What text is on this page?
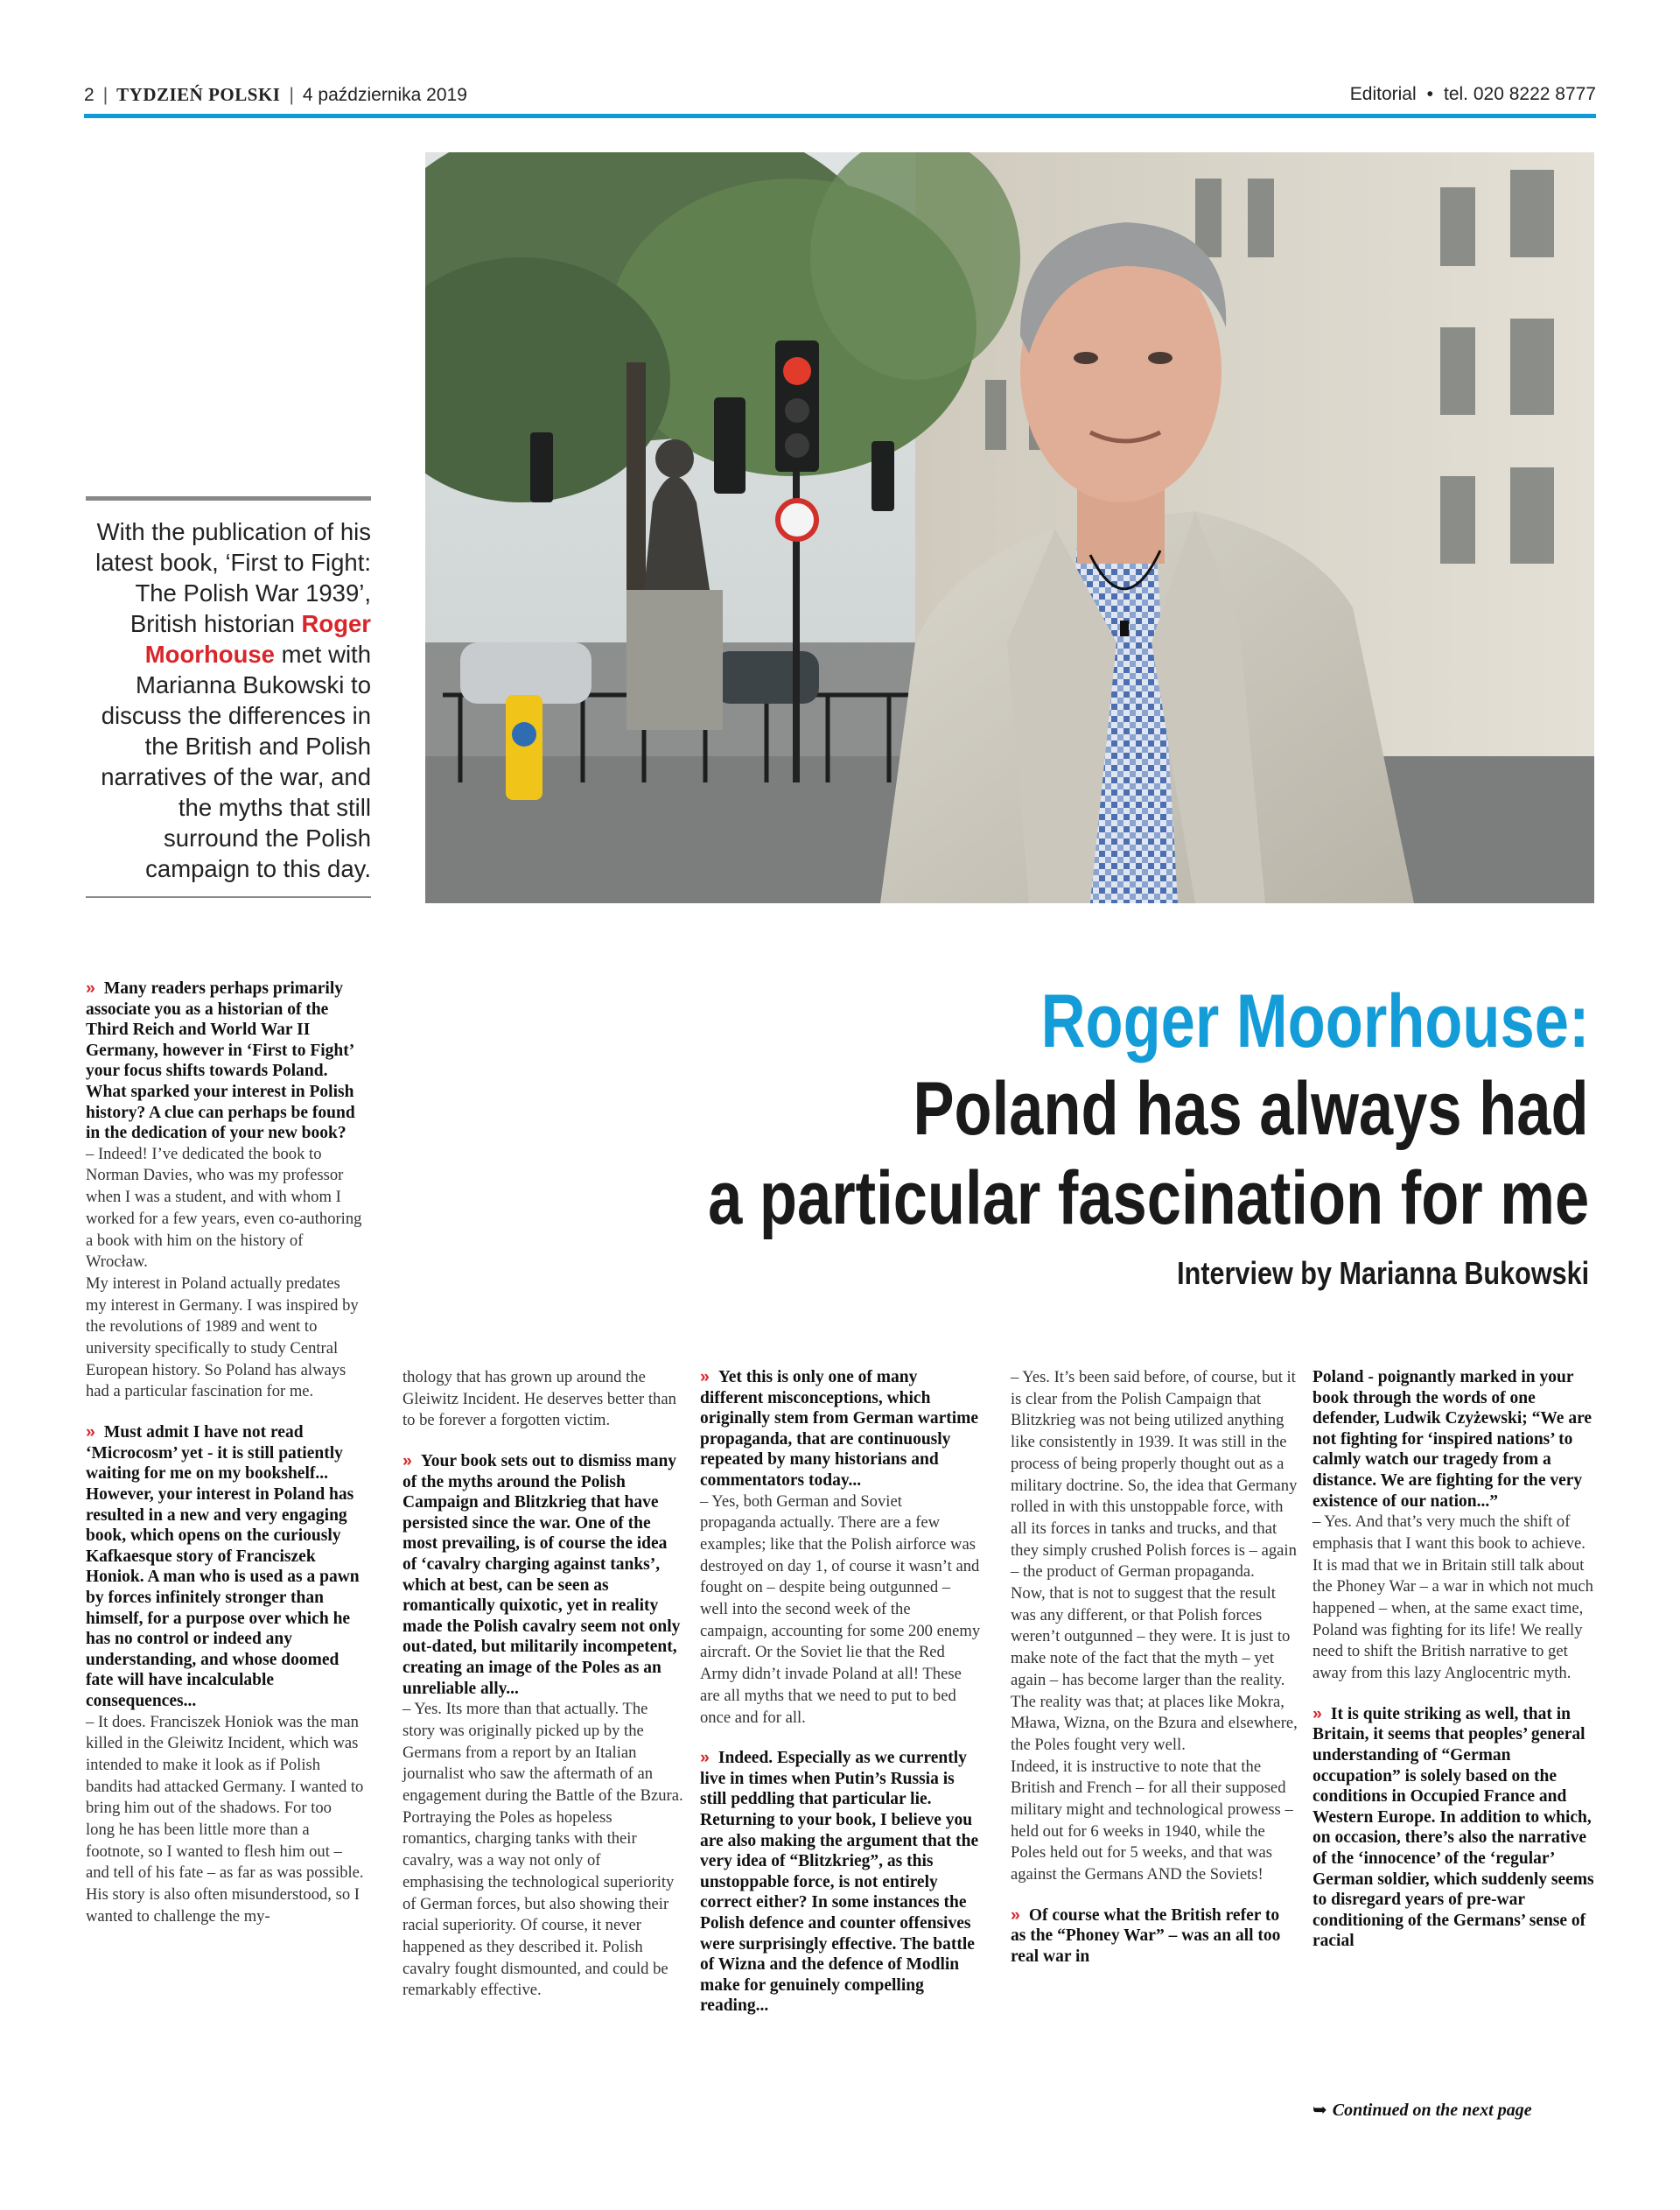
2 | TYDZIEŃ POLSKI | 4 października 2019	Editorial • tel. 020 8222 8777
With the publication of his latest book, ‘First to Fight: The Polish War 1939’, British historian Roger Moorhouse met with Marianna Bukowski to discuss the differences in the British and Polish narratives of the war, and the myths that still surround the Polish campaign to this day.
Roger Moorhouse:
Poland has always had
a particular fascination for me
Interview by Marianna Bukowski

» Many readers perhaps primarily associate you as a historian of the Third Reich and World War II Germany, however in ‘First to Fight’ your focus shifts towards Poland. What sparked your interest in Polish history? A clue can perhaps be found in the dedication of your new book?

– Indeed! I’ve dedicated the book to Norman Davies, who was my professor when I was a student, and with whom I worked for a few years, even co-authoring a book with him on the history of Wrocław.

My interest in Poland actually predates my interest in Germany. I was inspired by the revolutions of 1989 and went to university specifically to study Central European history. So Poland has always had a particular fascination for me.

» Must admit I have not read ‘Microcosm’ yet - it is still patiently waiting for me on my bookshelf... However, your interest in Poland has resulted in a new and very engaging book, which opens on the curiously Kafkaesque story of Franciszek Honiok. A man who is used as a pawn by forces infinitely stronger than himself, for a purpose over which he has no control or indeed any understanding, and whose doomed fate will have incalculable consequences...

– It does. Franciszek Honiok was the man killed in the Gleiwitz Incident, which was intended to make it look as if Polish bandits had attacked Germany. I wanted to bring him out of the shadows. For too long he has been little more than a footnote, so I wanted to flesh him out – and tell of his fate – as far as was possible. His story is also often misunderstood, so I wanted to challenge the my-

thology that has grown up around the Gleiwitz Incident. He deserves better than to be forever a forgotten victim.

» Your book sets out to dismiss many of the myths around the Polish Campaign and Blitzkrieg that have persisted since the war. One of the most prevailing, is of course the idea of ‘cavalry charging against tanks’, which at best, can be seen as romantically quixotic, yet in reality made the Polish cavalry seem not only out-dated, but militarily incompetent, creating an image of the Poles as an unreliable ally...

– Yes. Its more than that actually. The story was originally picked up by the Germans from a report by an Italian journalist who saw the aftermath of an engagement during the Battle of the Bzura. Portraying the Poles as hopeless romantics, charging tanks with their cavalry, was a way not only of emphasising the technological superiority of German forces, but also showing their racial superiority. Of course, it never happened as they described it. Polish cavalry fought dismounted, and could be remarkably effective.

» Yet this is only one of many different misconceptions, which originally stem from German wartime propaganda, that are continuously repeated by many historians and commentators today...

– Yes, both German and Soviet propaganda actually. There are a few examples; like that the Polish airforce was destroyed on day 1, of course it wasn’t and fought on – despite being outgunned – well into the second week of the campaign, accounting for some 200 enemy aircraft. Or the Soviet lie that the Red Army didn’t invade Poland at all! These are all myths that we need to put to bed once and for all.

» Indeed. Especially as we currently live in times when Putin’s Russia is still peddling that particular lie. Returning to your book, I believe you are also making the argument that the very idea of “Blitzkrieg”, as this unstoppable force, is not entirely correct either? In some instances the Polish defence and counter offensives were surprisingly effective. The battle of Wizna and the defence of Modlin make for genuinely compelling reading...

– Yes. It’s been said before, of course, but it is clear from the Polish Campaign that Blitzkrieg was not being utilized anything like consistently in 1939. It was still in the process of being properly thought out as a military doctrine. So, the idea that Germany rolled in with this unstoppable force, with all its forces in tanks and trucks, and that they simply crushed Polish forces is – again – the product of German propaganda.

Now, that is not to suggest that the result was any different, or that Polish forces weren’t outgunned – they were. It is just to make note of the fact that the myth – yet again – has become larger than the reality. The reality was that; at places like Mokra, Mława, Wizna, on the Bzura and elsewhere, the Poles fought very well.

Indeed, it is instructive to note that the British and French – for all their supposed military might and technological prowess – held out for 6 weeks in 1940, while the Poles held out for 5 weeks, and that was against the Germans AND the Soviets!

» Of course what the British refer to as the “Phoney War” – was an all too real war in

Poland - poignantly marked in your book through the words of one defender, Ludwik Czyżewski; “We are not fighting for ‘inspired nations’ to calmly watch our tragedy from a distance. We are fighting for the very existence of our nation...”

– Yes. And that’s very much the shift of emphasis that I want this book to achieve. It is mad that we in Britain still talk about the Phoney War – a war in which not much happened – when, at the same exact time, Poland was fighting for its life! We really need to shift the British narrative to get away from this lazy Anglocentric myth.

» It is quite striking as well, that in Britain, it seems that peoples’ general understanding of “German occupation” is solely based on the conditions in Occupied France and Western Europe. In addition to which, on occasion, there’s also the narrative of the ‘innocence’ of the ‘regular’ German soldier, which suddenly seems to disregard years of pre-war conditioning of the Germans’ sense of racial

➥ Continued on the next page
